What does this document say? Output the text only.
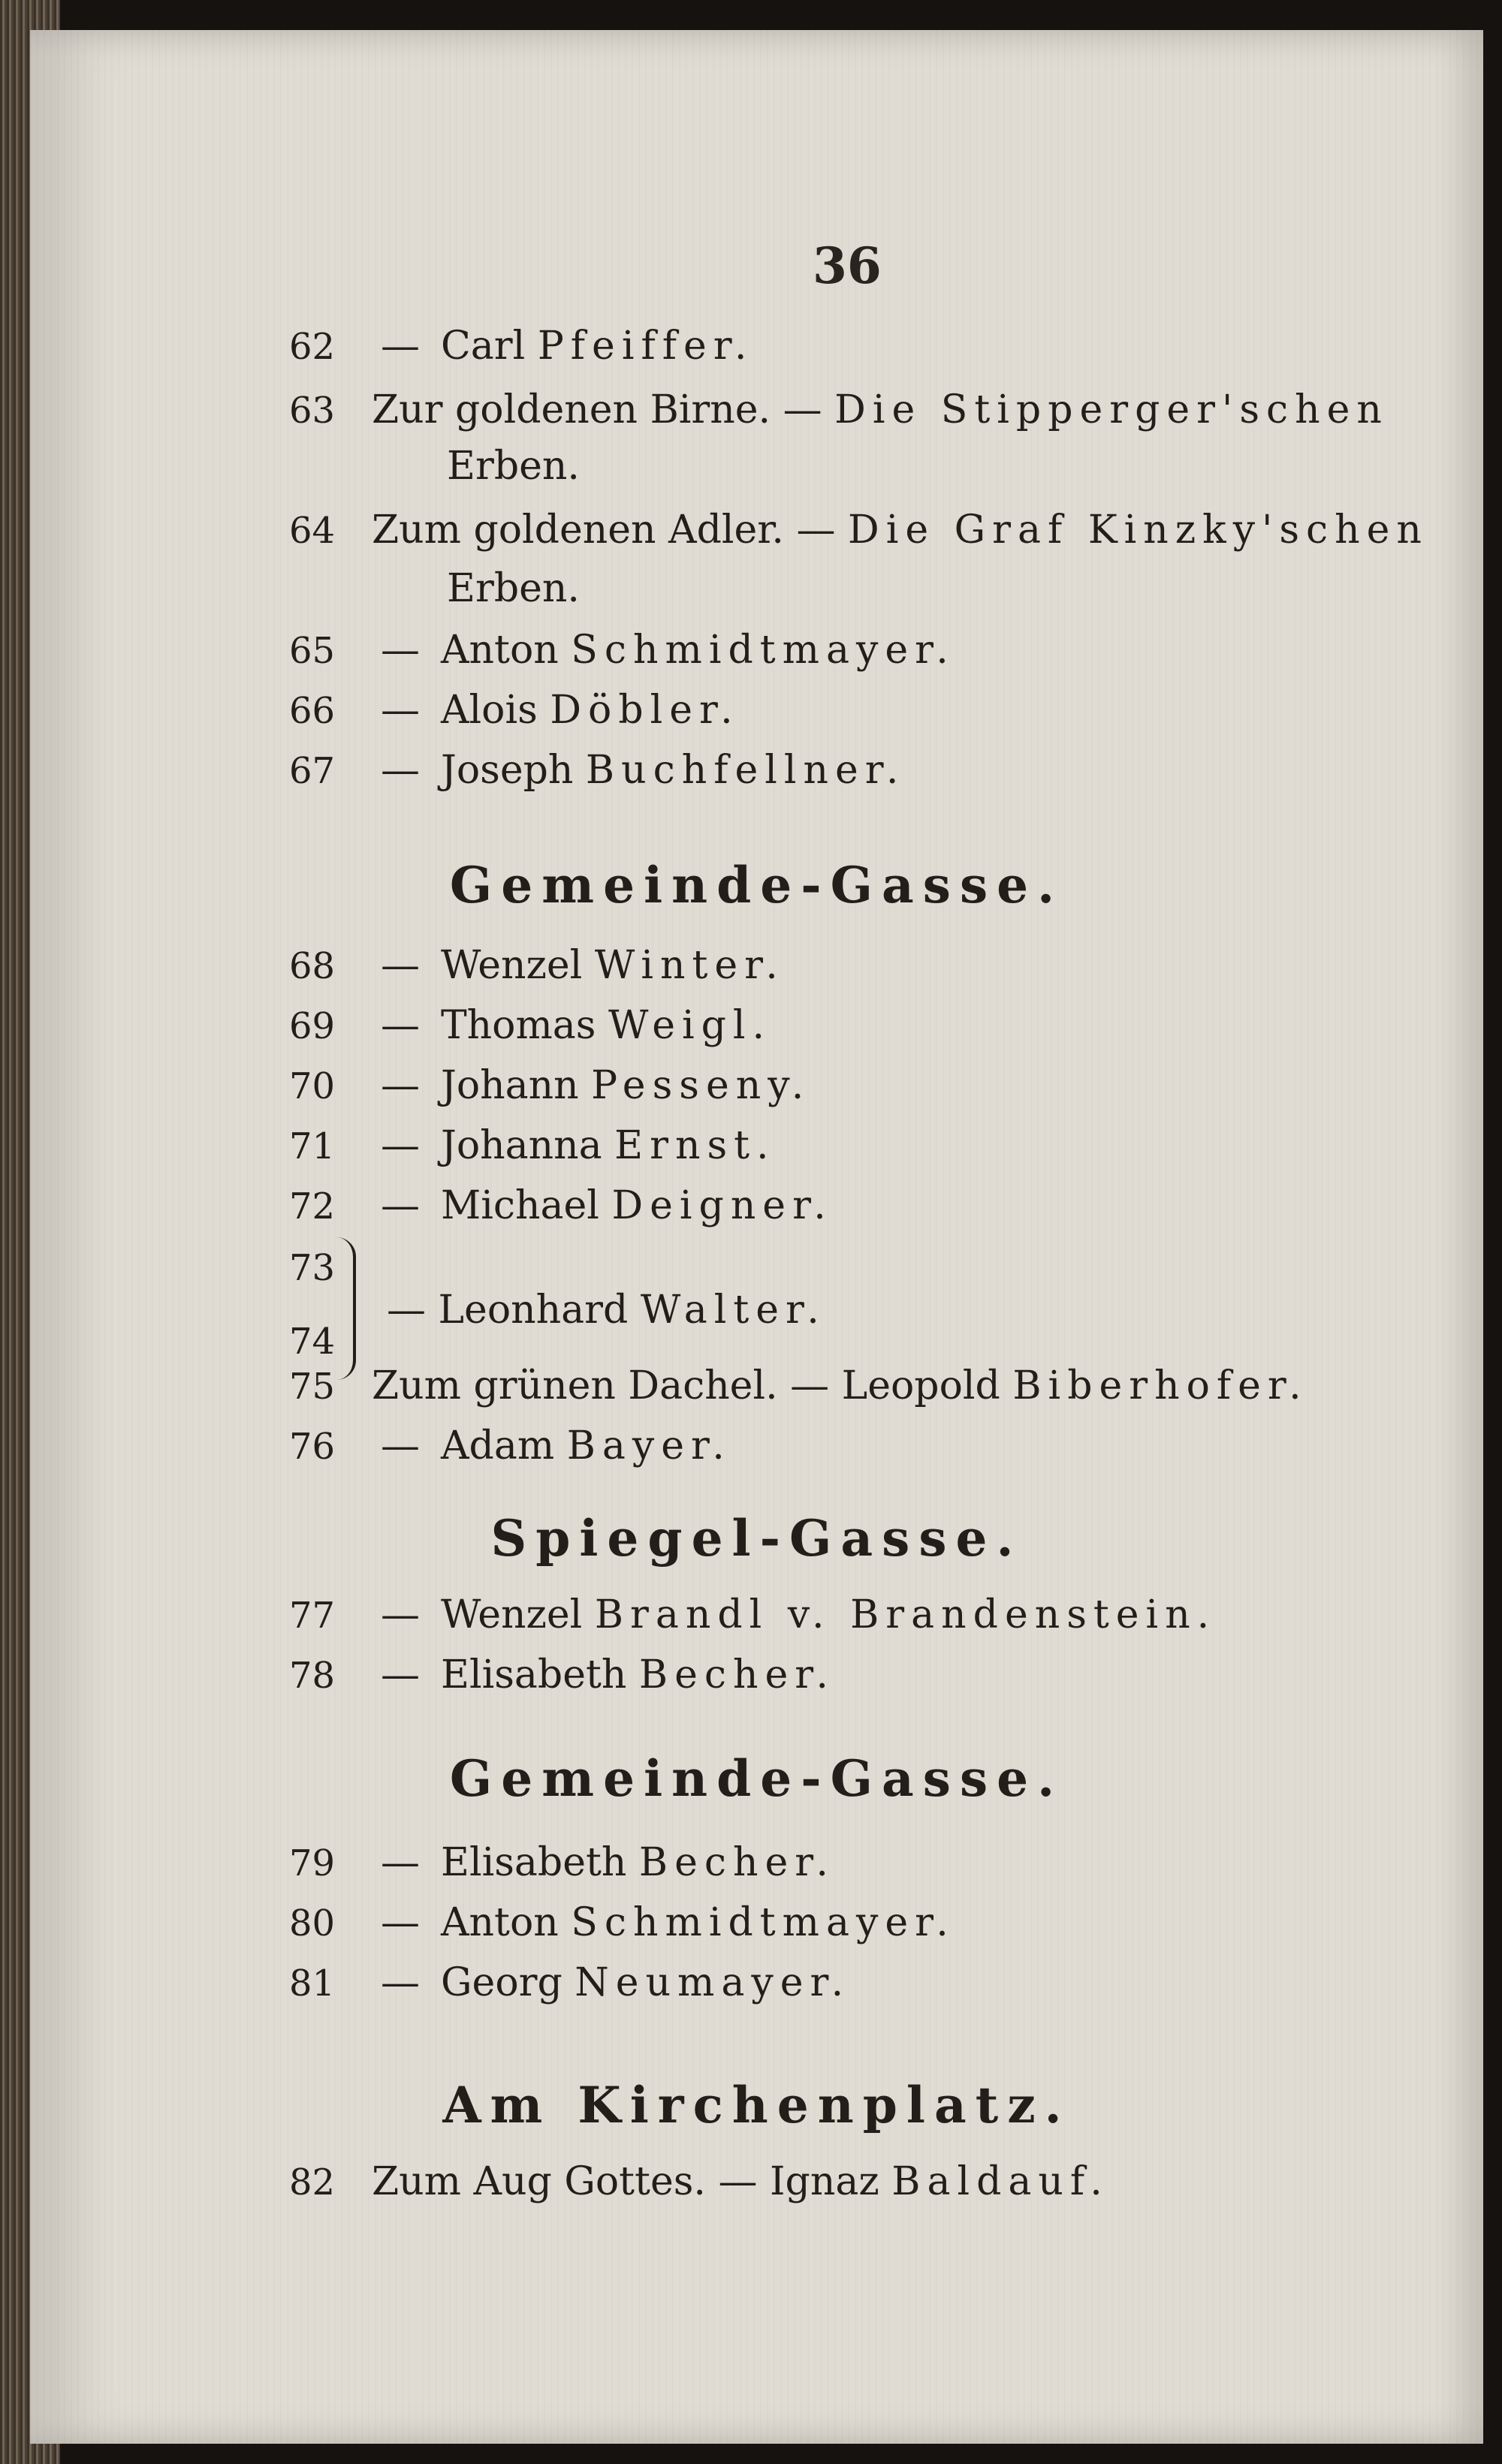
36
62 — Carl Pfeiffer.
63 Zur goldenen Birne. — Die Stipperger'schen
Erben.
64 Zum goldenen Adler. — Die Graf Kinzky'schen
Erben.
65 — Anton Schmidtmayer.
66 — Alois Döbler.
67 — Joseph Buchfellner.
Gemeinde-Gasse.
68 — Wenzel Winter.
69 — Thomas Weigl.
70 — Johann Pesseny.
71 — Johanna Ernst.
72 — Michael Deigner.
73
74
— Leonhard Walter.
75 Zum grünen Dachel. — Leopold Biberhofer.
76 — Adam Bayer.
Spiegel-Gasse.
77 — Wenzel Brandl v. Brandenstein.
78 — Elisabeth Becher.
Gemeinde-Gasse.
79 — Elisabeth Becher.
80 — Anton Schmidtmayer.
81 — Georg Neumayer.
Am Kirchenplatz.
82 Zum Aug Gottes. — Ignaz Baldauf.
